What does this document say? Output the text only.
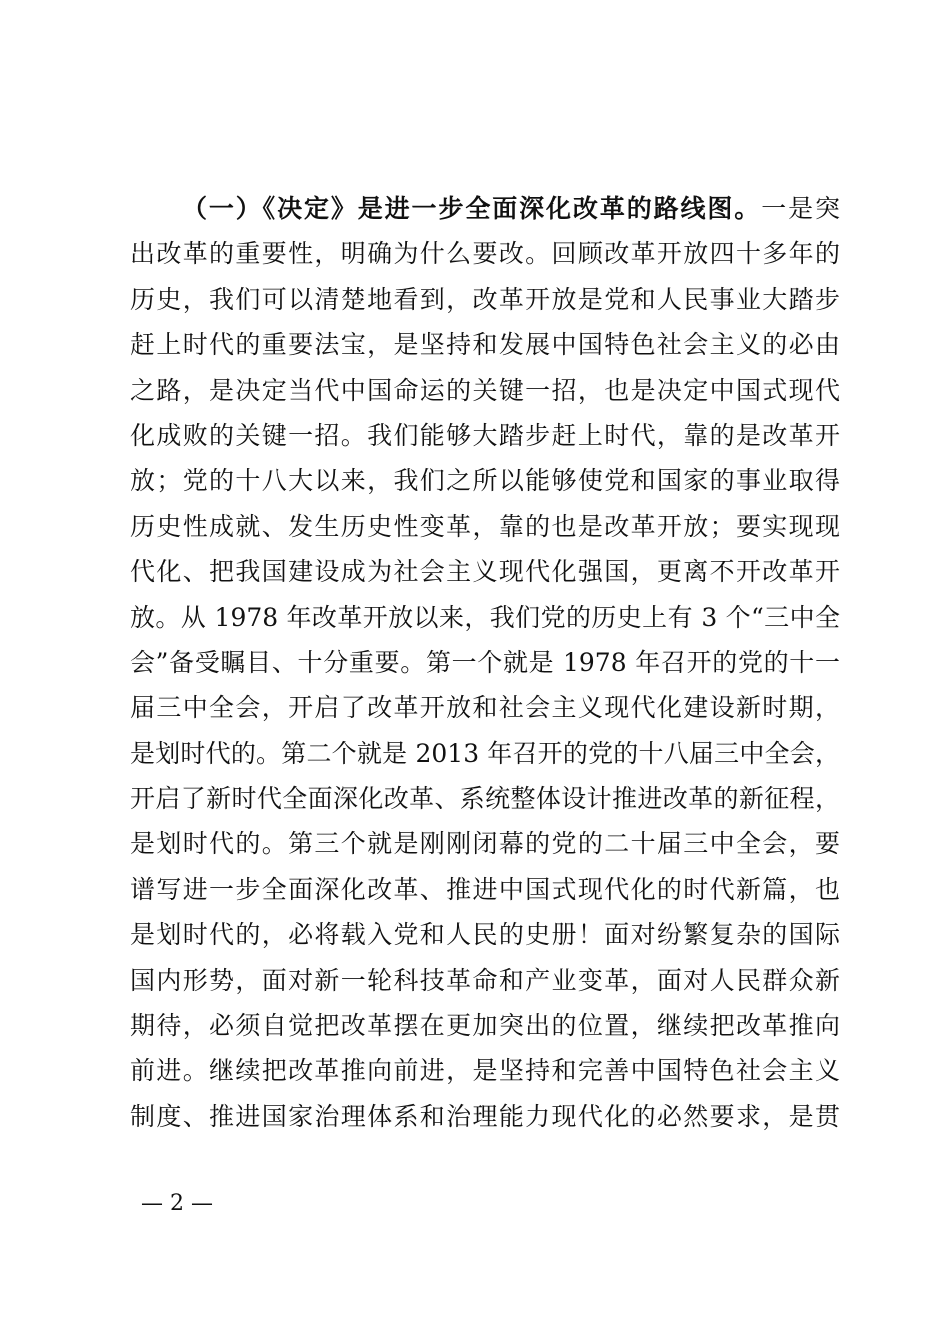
（一）《决定》是进一步全面深化改革的路线图。一是突
出改革的重要性，明确为什么要改。回顾改革开放四十多年的
历史，我们可以清楚地看到，改革开放是党和人民事业大踏步
赶上时代的重要法宝，是坚持和发展中国特色社会主义的必由
之路，是决定当代中国命运的关键一招，也是决定中国式现代
化成败的关键一招。我们能够大踏步赶上时代，靠的是改革开
放；党的十八大以来，我们之所以能够使党和国家的事业取得
历史性成就、发生历史性变革，靠的也是改革开放；要实现现
代化、把我国建设成为社会主义现代化强国，更离不开改革开
放。从 1978 年改革开放以来，我们党的历史上有 3 个“三中全
会”备受瞩目、十分重要。第一个就是 1978 年召开的党的十一
届三中全会，开启了改革开放和社会主义现代化建设新时期，
是划时代的。第二个就是 2013 年召开的党的十八届三中全会，
开启了新时代全面深化改革、系统整体设计推进改革的新征程，
是划时代的。第三个就是刚刚闭幕的党的二十届三中全会，要
谱写进一步全面深化改革、推进中国式现代化的时代新篇，也
是划时代的，必将载入党和人民的史册！面对纷繁复杂的国际
国内形势，面对新一轮科技革命和产业变革，面对人民群众新
期待，必须自觉把改革摆在更加突出的位置，继续把改革推向
前进。继续把改革推向前进，是坚持和完善中国特色社会主义
制度、推进国家治理体系和治理能力现代化的必然要求，是贯
— 2 —
